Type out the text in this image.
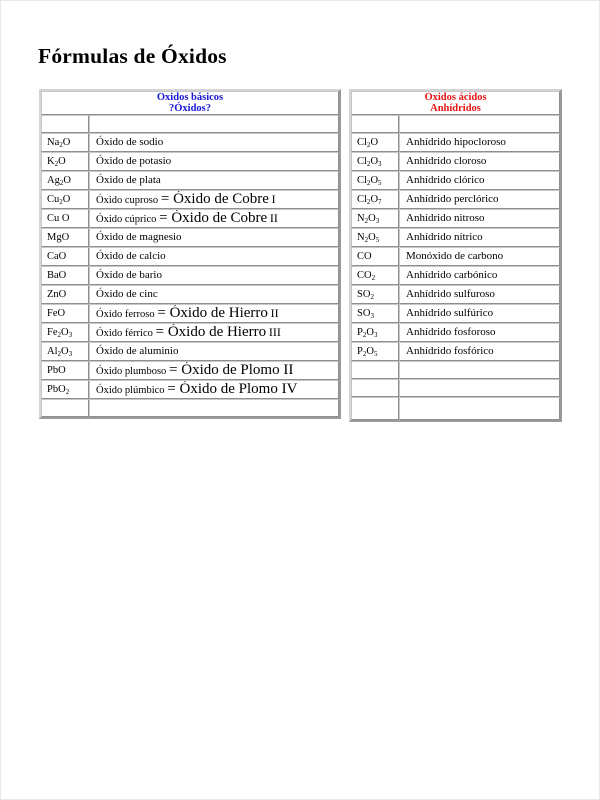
Fórmulas de Óxidos
Óxidos básicos
?Óxidos?	

$Na_2O$	Óxido de sodio
$K_2O$	Óxido de potasio
$Ag_2O$	Óxido de plata
$Cu_2O$	Óxido cuproso = Óxido de Cobre I
Cu O	Óxido cúprico = Óxido de Cobre II
MgO	Óxido de magnesio
CaO	Óxido de calcio
BaO	Óxido de bario
ZnO	Óxido de cinc
FeO	Óxido ferroso = Óxido de Hierro II
$Fe_2O_3$	Óxido férrico = Óxido de Hierro III
$Al_2O_3$	Óxido de aluminio
PbO	Óxido plumboso = Óxido de Plomo II
PbO$_2$	Óxido plúmbico = Óxido de Plomo IV

Óxidos ácidos
Anhídridos	

$Cl_2O$	Anhídrido hipocloroso
$Cl_2O_3$	Anhídrido cloroso
$Cl_2O_5$	Anhídrido clórico
$Cl_2O_7$	Anhídrido perclórico
$N_2O_3$	Anhídrido nitroso
$N_2O_5$	Anhídrido nítrico
CO	Monóxido de carbono
$CO_2$	Anhídrido carbónico
$SO_2$	Anhídrido sulfuroso
$SO_3$	Anhídrido sulfúrico
$P_2O_3$	Anhídrido fosforoso
$P_2O_5$	Anhídrido fosfórico
